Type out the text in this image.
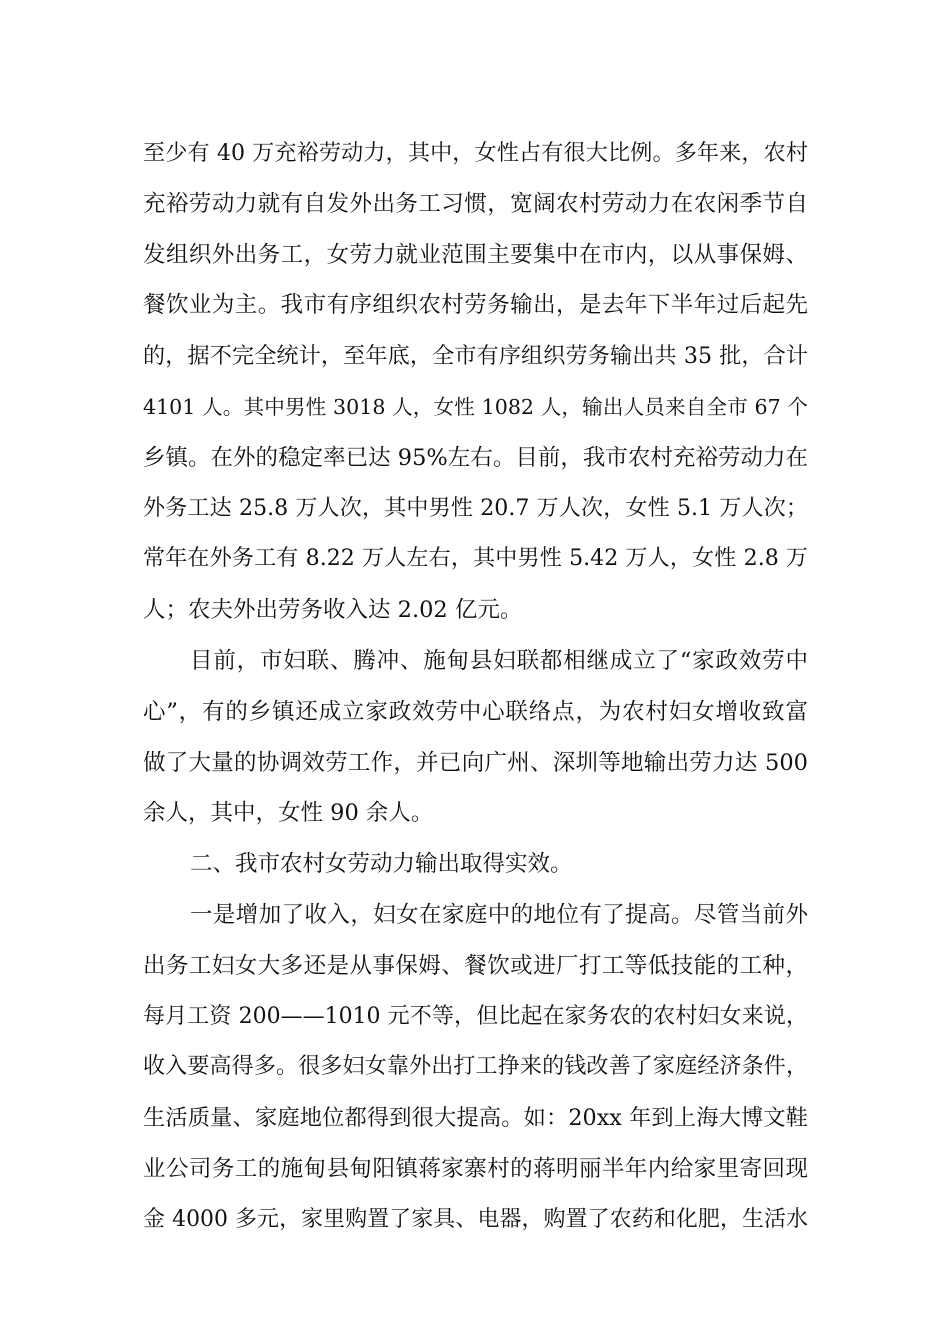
至少有 40 万充裕劳动力，其中，女性占有很大比例。多年来，农村
充裕劳动力就有自发外出务工习惯，宽阔农村劳动力在农闲季节自
发组织外出务工，女劳力就业范围主要集中在市内，以从事保姆、
餐饮业为主。我市有序组织农村劳务输出，是去年下半年过后起先
的，据不完全统计，至年底，全市有序组织劳务输出共 35 批，合计
4101 人。其中男性 3018 人，女性 1082 人，输出人员来自全市 67 个
乡镇。在外的稳定率已达 95%左右。目前，我市农村充裕劳动力在
外务工达 25.8 万人次，其中男性 20.7 万人次，女性 5.1 万人次；
常年在外务工有 8.22 万人左右，其中男性 5.42 万人，女性 2.8 万
人；农夫外出劳务收入达 2.02 亿元。
目前，市妇联、腾冲、施甸县妇联都相继成立了“家政效劳中
心”，有的乡镇还成立家政效劳中心联络点，为农村妇女增收致富
做了大量的协调效劳工作，并已向广州、深圳等地输出劳力达 500
余人，其中，女性 90 余人。
二、我市农村女劳动力输出取得实效。
一是增加了收入，妇女在家庭中的地位有了提高。尽管当前外
出务工妇女大多还是从事保姆、餐饮或进厂打工等低技能的工种，
每月工资 200——1010 元不等，但比起在家务农的农村妇女来说，
收入要高得多。很多妇女靠外出打工挣来的钱改善了家庭经济条件，
生活质量、家庭地位都得到很大提高。如：20xx 年到上海大博文鞋
业公司务工的施甸县甸阳镇蒋家寨村的蒋明丽半年内给家里寄回现
金 4000 多元，家里购置了家具、电器，购置了农药和化肥，生活水
